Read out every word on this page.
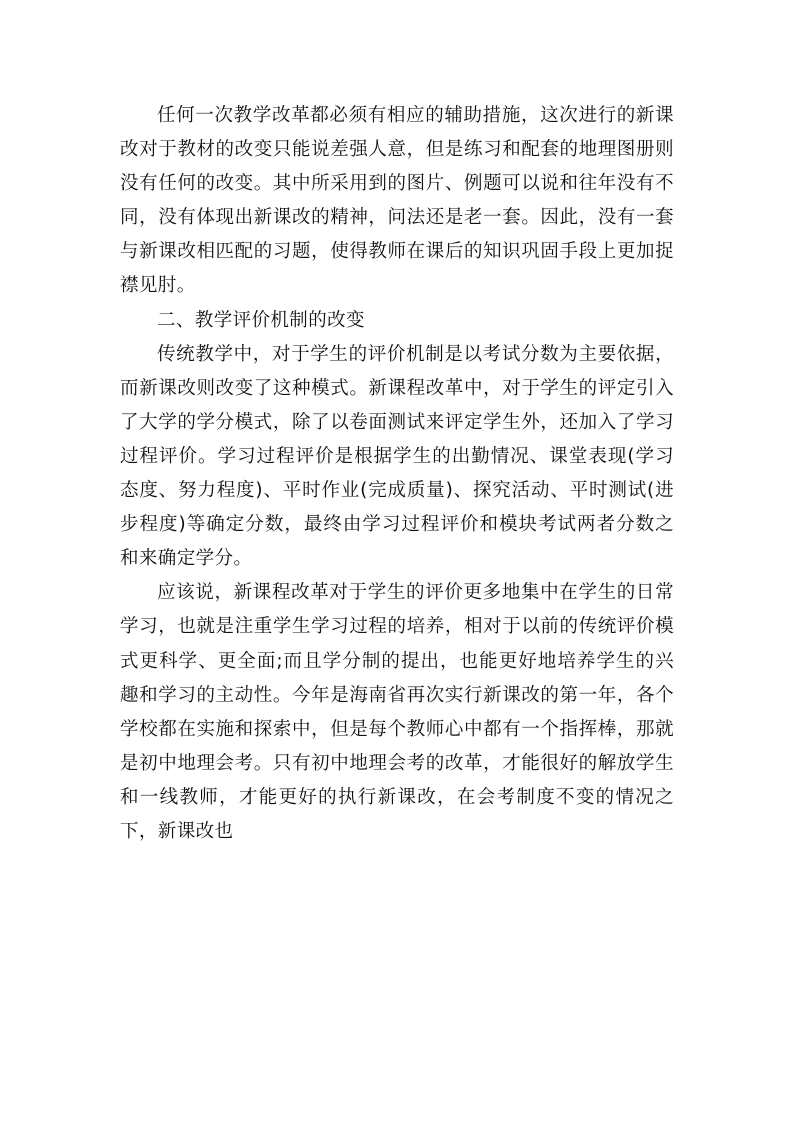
任何一次教学改革都必须有相应的辅助措施，这次进行的新课改对于教材的改变只能说差强人意，但是练习和配套的地理图册则没有任何的改变。其中所采用到的图片、例题可以说和往年没有不同，没有体现出新课改的精神，问法还是老一套。因此，没有一套与新课改相匹配的习题，使得教师在课后的知识巩固手段上更加捉襟见肘。

二、教学评价机制的改变

传统教学中，对于学生的评价机制是以考试分数为主要依据，而新课改则改变了这种模式。新课程改革中，对于学生的评定引入了大学的学分模式，除了以卷面测试来评定学生外，还加入了学习过程评价。学习过程评价是根据学生的出勤情况、课堂表现(学习态度、努力程度)、平时作业(完成质量)、探究活动、平时测试(进步程度)等确定分数，最终由学习过程评价和模块考试两者分数之和来确定学分。

应该说，新课程改革对于学生的评价更多地集中在学生的日常学习，也就是注重学生学习过程的培养，相对于以前的传统评价模式更科学、更全面;而且学分制的提出，也能更好地培养学生的兴趣和学习的主动性。今年是海南省再次实行新课改的第一年，各个学校都在实施和探索中，但是每个教师心中都有一个指挥棒，那就是初中地理会考。只有初中地理会考的改革，才能很好的解放学生和一线教师，才能更好的执行新课改，在会考制度不变的情况之下，新课改也
